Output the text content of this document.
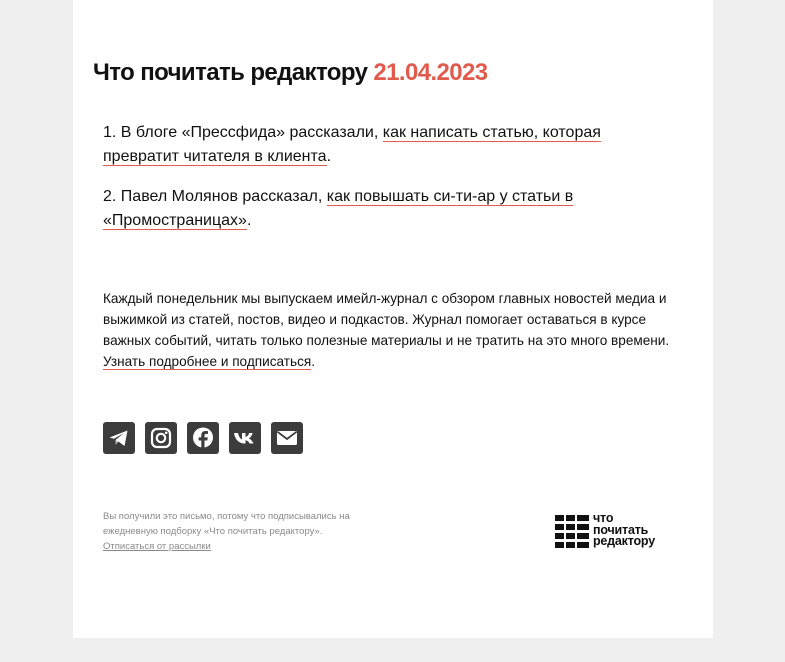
Что почитать редактору 21.04.2023

1. В блоге «Прессфида» рассказали, как написать статью, которая превратит читателя в клиента.

2. Павел Молянов рассказал, как повышать си-ти-ар у статьи в «Промостраницах».

Каждый понедельник мы выпускаем имейл-журнал с обзором главных новостей медиа и выжимкой из статей, постов, видео и подкастов. Журнал помогает оставаться в курсе важных событий, читать только полезные материалы и не тратить на это много времени. Узнать подробнее и подписаться.

Вы получили это письмо, потому что подписывались на ежедневную подборку «Что почитать редактору».
Отписаться от рассылки

что
почитать
редактору
